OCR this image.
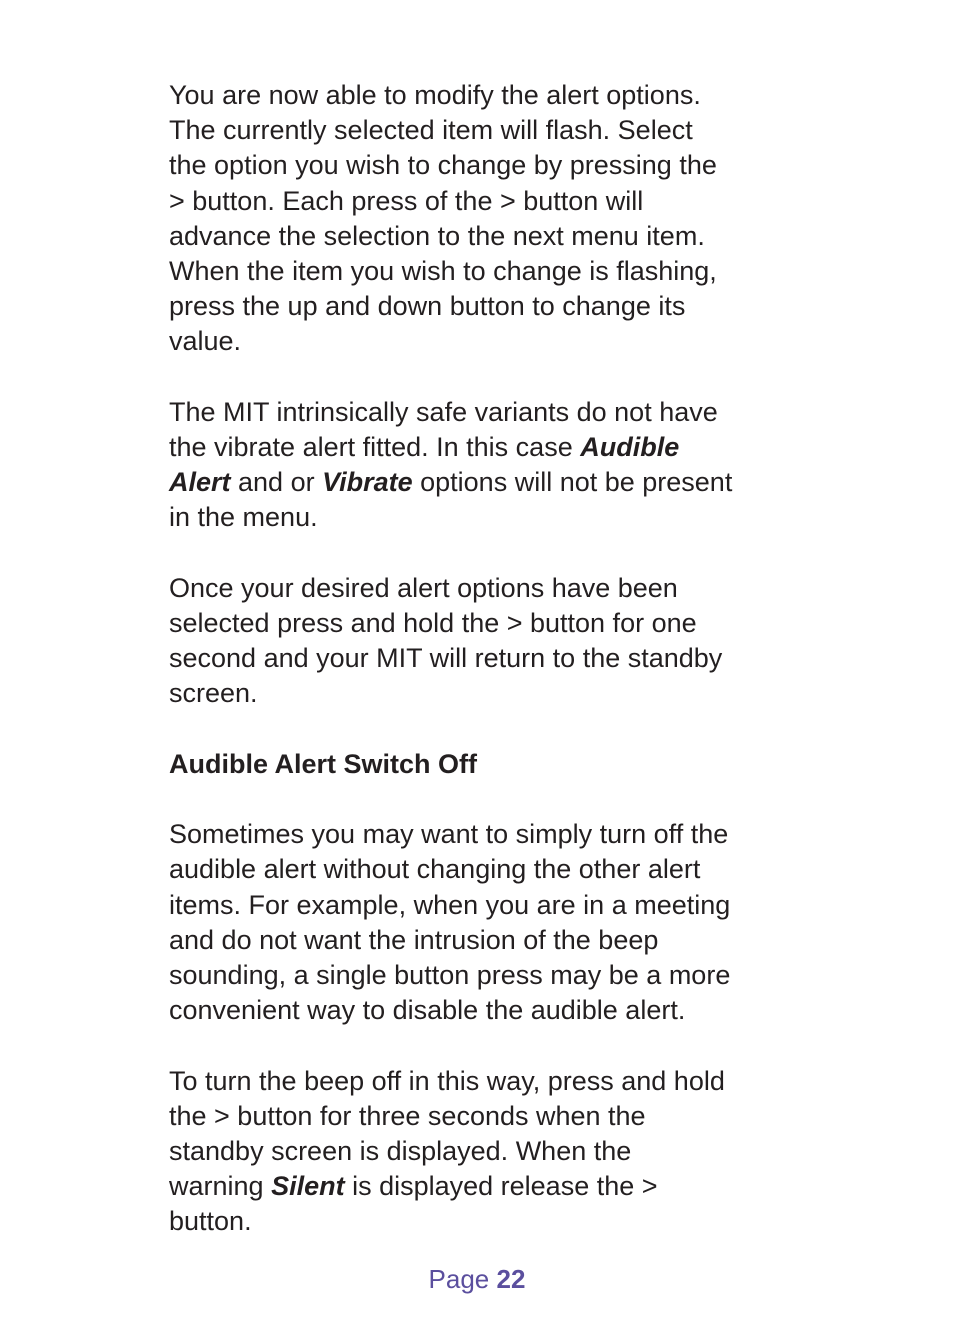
You are now able to modify the alert options.
The currently selected item will flash. Select
the option you wish to change by pressing the
> button. Each press of the > button will
advance the selection to the next menu item.
When the item you wish to change is flashing,
press the up and down button to change its
value.

The MIT intrinsically safe variants do not have
the vibrate alert fitted. In this case Audible
Alert and or Vibrate options will not be present
in the menu.

Once your desired alert options have been
selected press and hold the > button for one
second and your MIT will return to the standby
screen.

Audible Alert Switch Off

Sometimes you may want to simply turn off the
audible alert without changing the other alert
items. For example, when you are in a meeting
and do not want the intrusion of the beep
sounding, a single button press may be a more
convenient way to disable the audible alert.

To turn the beep off in this way, press and hold
the > button for three seconds when the
standby screen is displayed. When the
warning Silent is displayed release the >
button.

Page 22
